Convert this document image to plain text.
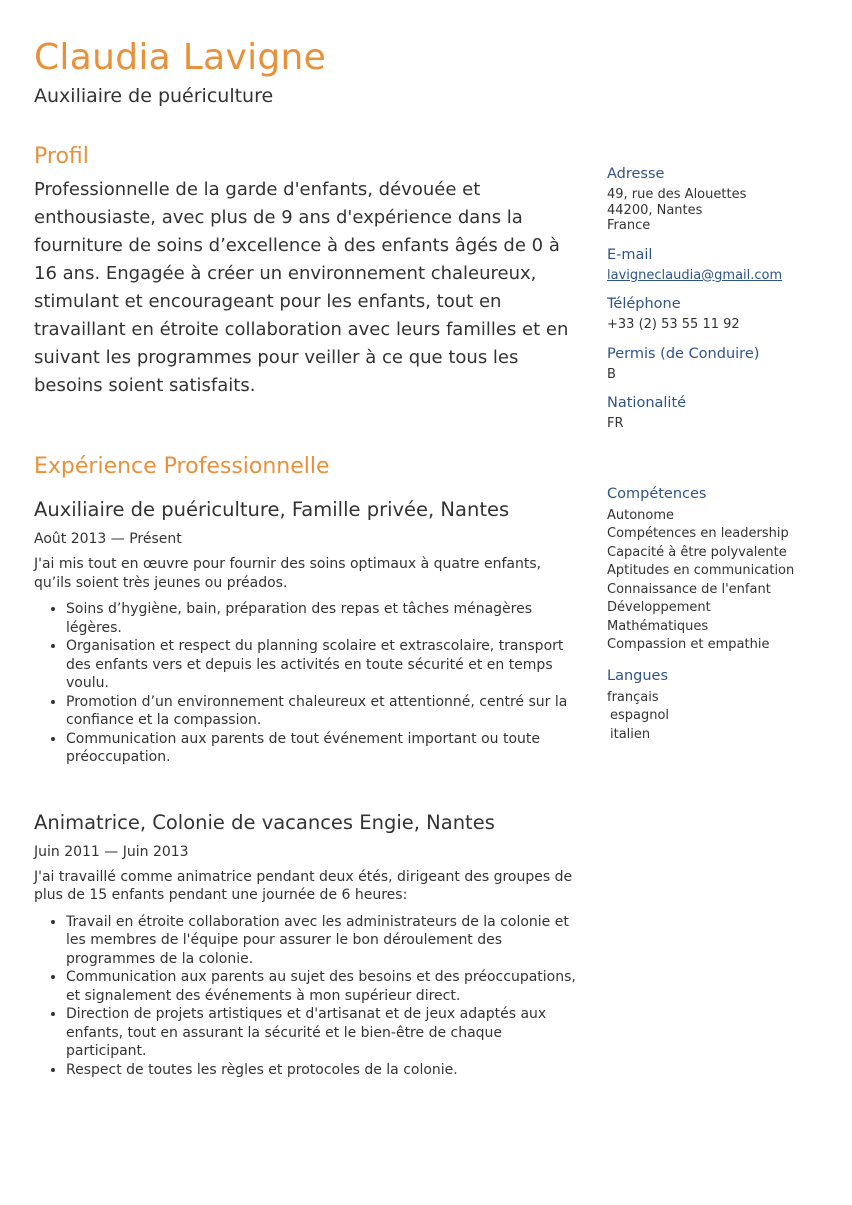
Claudia Lavigne
Auxiliaire de puériculture
Profil

Professionnelle de la garde d'enfants, dévouée et enthousiaste, avec plus de 9 ans d'expérience dans la fourniture de soins d’excellence à des enfants âgés de 0 à 16 ans. Engagée à créer un environnement chaleureux, stimulant et encourageant pour les enfants, tout en travaillant en étroite collaboration avec leurs familles et en suivant les programmes pour veiller à ce que tous les besoins soient satisfaits.

Expérience Professionnelle
Auxiliaire de puériculture, Famille privée, Nantes
Août 2013 — Présent

J'ai mis tout en œuvre pour fournir des soins optimaux à quatre enfants, qu’ils soient très jeunes ou préados.

• Soins d’hygiène, bain, préparation des repas et tâches ménagères légères.
• Organisation et respect du planning scolaire et extrascolaire, transport des enfants vers et depuis les activités en toute sécurité et en temps voulu.
• Promotion d’un environnement chaleureux et attentionné, centré sur la confiance et la compassion.
• Communication aux parents de tout événement important ou toute préoccupation.
Animatrice, Colonie de vacances Engie, Nantes
Juin 2011 — Juin 2013

J'ai travaillé comme animatrice pendant deux étés, dirigeant des groupes de plus de 15 enfants pendant une journée de 6 heures:

• Travail en étroite collaboration avec les administrateurs de la colonie et les membres de l'équipe pour assurer le bon déroulement des programmes de la colonie.
• Communication aux parents au sujet des besoins et des préoccupations, et signalement des événements à mon supérieur direct.
• Direction de projets artistiques et d'artisanat et de jeux adaptés aux enfants, tout en assurant la sécurité et le bien-être de chaque participant.
• Respect de toutes les règles et protocoles de la colonie.
Adresse
49, rue des Alouettes
44200, Nantes
France
E-mail
lavigneclaudia@gmail.com
Téléphone
+33 (2) 53 55 11 92
Permis (de Conduire)
B
Nationalité
FR
Compétences
Autonome
Compétences en leadership
Capacité à être polyvalente
Aptitudes en communication
Connaissance de l'enfant
Développement
Mathématiques
Compassion et empathie
Langues
français
espagnol
italien
